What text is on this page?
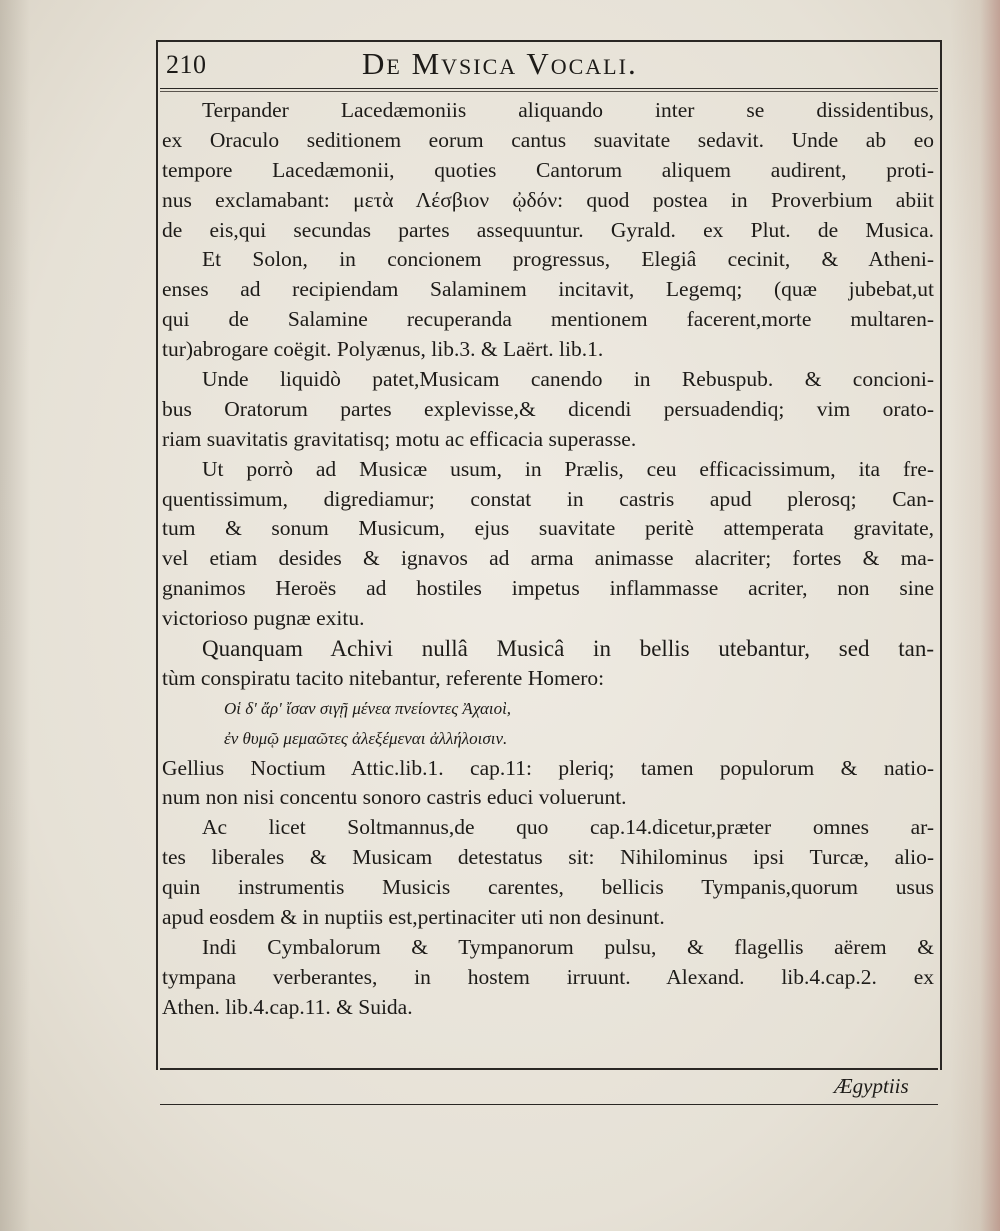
210	De Mvsica Vocali.
Terpander Lacedæmoniis aliquando inter se dissidentibus,
ex Oraculo seditionem eorum cantus suavitate sedavit. Unde ab eo
tempore Lacedæmonii, quoties Cantorum aliquem audirent, proti-
nus exclamabant: μετὰ Λέσβιον ᾠδόν: quod postea in Proverbium abiit
de eis,qui secundas partes assequuntur. Gyrald. ex Plut. de Musica.
Et Solon, in concionem progressus, Elegiâ cecinit, & Atheni-
enses ad recipiendam Salaminem incitavit, Legemq; (quæ jubebat,ut
qui de Salamine recuperanda mentionem facerent,morte multaren-
tur)abrogare coëgit. Polyænus, lib.3. & Laërt. lib.1.
Unde liquidò patet,Musicam canendo in Rebuspub. & concioni-
bus Oratorum partes explevisse,& dicendi persuadendiq; vim orato-
riam suavitatis gravitatisq; motu ac efficacia superasse.
Ut porrò ad Musicæ usum, in Prælis, ceu efficacissimum, ita fre-
quentissimum, digrediamur; constat in castris apud plerosq; Can-
tum & sonum Musicum, ejus suavitate peritè attemperata gravitate,
vel etiam desides & ignavos ad arma animasse alacriter; fortes & ma-
gnanimos Heroës ad hostiles impetus inflammasse acriter, non sine
victorioso pugnæ exitu.
Quanquam Achivi nullâ Musicâ in bellis utebantur, sed tan-
tùm conspiratu tacito nitebantur, referente Homero:
Οἱ δ' ἄρ' ἴσαν σιγῇ μένεα πνείοντες Ἀχαιοὶ,
ἐν θυμῷ μεμαῶτες ἀλεξέμεναι ἀλλήλοισιν.
Gellius Noctium Attic.lib.1. cap.11: pleriq; tamen populorum & natio-
num non nisi concentu sonoro castris educi voluerunt.
Ac licet Soltmannus,de quo cap.14.dicetur,præter omnes ar-
tes liberales & Musicam detestatus sit: Nihilominus ipsi Turcæ, alio-
quin instrumentis Musicis carentes, bellicis Tympanis,quorum usus
apud eosdem & in nuptiis est,pertinaciter uti non desinunt.
Indi Cymbalorum & Tympanorum pulsu, & flagellis aërem &
tympana verberantes, in hostem irruunt. Alexand. lib.4.cap.2. ex
Athen. lib.4.cap.11. & Suida.
Ægyptiis
